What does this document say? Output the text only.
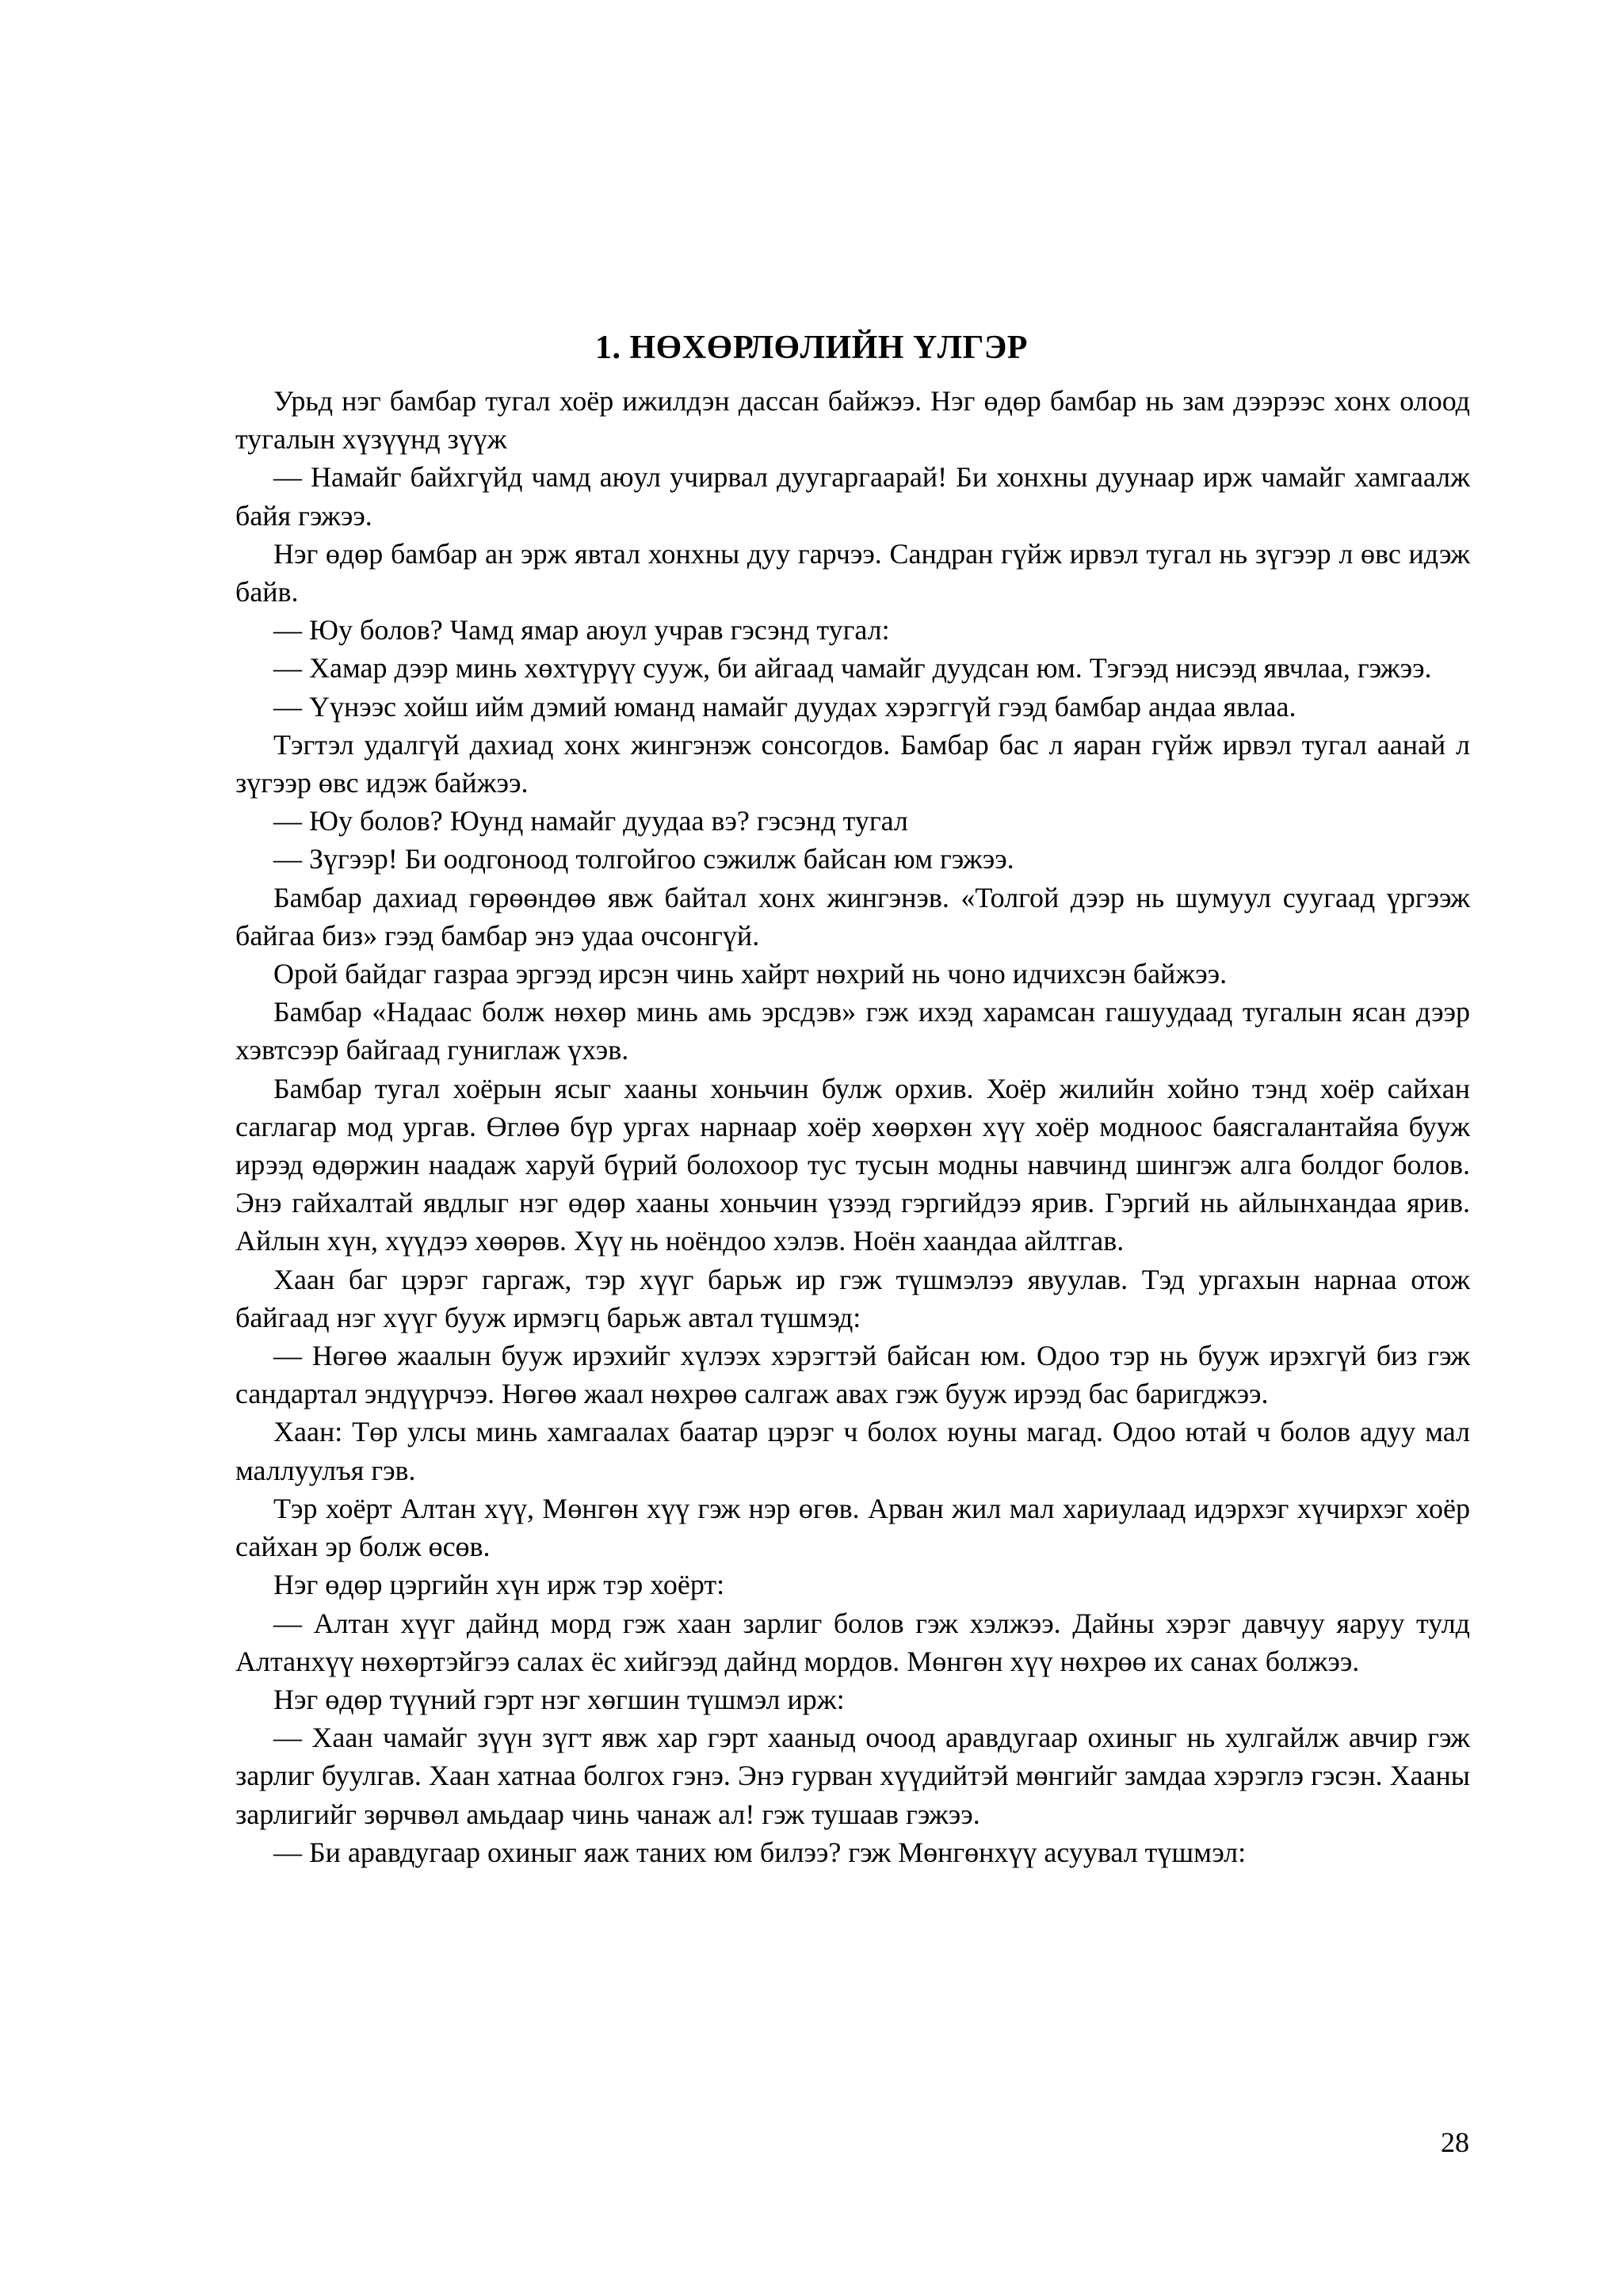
1. НӨХӨРЛӨЛИЙН ҮЛГЭР

Урьд нэг бамбар тугал хоёр ижилдэн дассан байжээ. Нэг өдөр бамбар нь зам дээрээс хонх олоод тугалын хүзүүнд зүүж

— Намайг байхгүйд чамд аюул учирвал дуугаргаарай! Би хонхны дуунаар ирж чамайг хамгаалж байя гэжээ.

Нэг өдөр бамбар ан эрж явтал хонхны дуу гарчээ. Сандран гүйж ирвэл тугал нь зүгээр л өвс идэж байв.

— Юу болов? Чамд ямар аюул учрав гэсэнд тугал:

— Хамар дээр минь хөхтүрүү сууж, би айгаад чамайг дуудсан юм. Тэгээд нисээд явчлаа, гэжээ.

— Үүнээс хойш ийм дэмий юманд намайг дуудах хэрэггүй гээд бамбар андаа явлаа.

Тэгтэл удалгүй дахиад хонх жингэнэж сонсогдов. Бамбар бас л яаран гүйж ирвэл тугал аанай л зүгээр өвс идэж байжээ.

— Юу болов? Юунд намайг дуудаа вэ? гэсэнд тугал

— Зүгээр! Би оодгоноод толгойгоо сэжилж байсан юм гэжээ.

Бамбар дахиад гөрөөндөө явж байтал хонх жингэнэв. «Толгой дээр нь шумуул суугаад үргээж байгаа биз» гээд бамбар энэ удаа очсонгүй.

Орой байдаг газраа эргээд ирсэн чинь хайрт нөхрий нь чоно идчихсэн байжээ.

Бамбар «Надаас болж нөхөр минь амь эрсдэв» гэж ихэд харамсан гашуудаад тугалын ясан дээр хэвтсээр байгаад гуниглаж үхэв.

Бамбар тугал хоёрын ясыг хааны хоньчин булж орхив. Хоёр жилийн хойно тэнд хоёр сайхан саглагар мод ургав. Өглөө бүр ургах нарнаар хоёр хөөрхөн хүү хоёр модноос баясгалантайяа бууж ирээд өдөржин наадаж харуй бүрий болохоор тус тусын модны навчинд шингэж алга болдог болов. Энэ гайхалтай явдлыг нэг өдөр хааны хоньчин үзээд гэргийдээ ярив. Гэргий нь айлынхандаа ярив. Айлын хүн, хүүдээ хөөрөв. Хүү нь ноёндоо хэлэв. Ноён хаандаа айлтгав.

Хаан баг цэрэг гаргаж, тэр хүүг барьж ир гэж түшмэлээ явуулав. Тэд ургахын нарнаа отож байгаад нэг хүүг бууж ирмэгц барьж автал түшмэд:

— Нөгөө жаалын бууж ирэхийг хүлээх хэрэгтэй байсан юм. Одоо тэр нь бууж ирэхгүй биз гэж сандартал эндүүрчээ. Нөгөө жаал нөхрөө салгаж авах гэж бууж ирээд бас баригджээ.

Хаан: Төр улсы минь хамгаалах баатар цэрэг ч болох юуны магад. Одоо ютай ч болов адуу мал маллуулъя гэв.

Тэр хоёрт Алтан хүү, Мөнгөн хүү гэж нэр өгөв. Арван жил мал хариулаад идэрхэг хүчирхэг хоёр сайхан эр болж өсөв.

Нэг өдөр цэргийн хүн ирж тэр хоёрт:

— Алтан хүүг дайнд морд гэж хаан зарлиг болов гэж хэлжээ. Дайны хэрэг давчуу яаруу тулд Алтанхүү нөхөртэйгээ салах ёс хийгээд дайнд мордов. Мөнгөн хүү нөхрөө их санах болжээ.

Нэг өдөр түүний гэрт нэг хөгшин түшмэл ирж:

— Хаан чамайг зүүн зүгт явж хар гэрт хааныд очоод аравдугаар охиныг нь хулгайлж авчир гэж зарлиг буулгав. Хаан хатнаа болгох гэнэ. Энэ гурван хүүдийтэй мөнгийг замдаа хэрэглэ гэсэн. Хааны зарлигийг зөрчвөл амьдаар чинь чанаж ал! гэж тушаав гэжээ.

— Би аравдугаар охиныг яаж таних юм билээ? гэж Мөнгөнхүү асуувал түшмэл:

28
